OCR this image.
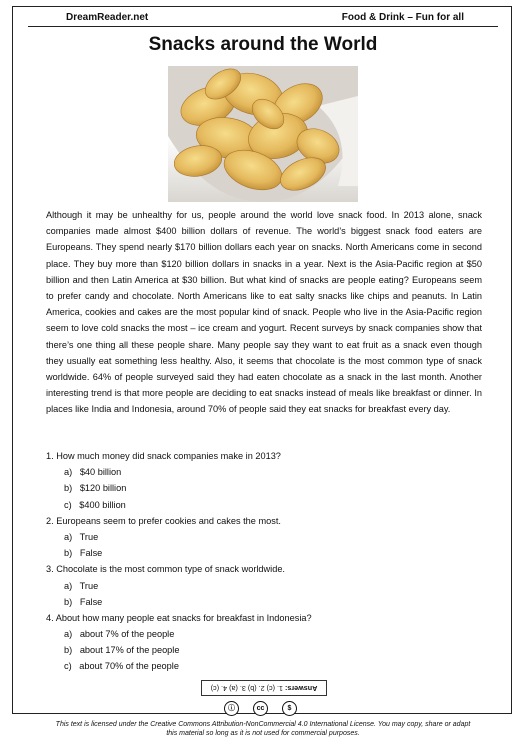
DreamReader.net	Food & Drink – Fun for all
Snacks around the World

Although it may be unhealthy for us, people around the world love snack food. In 2013 alone, snack companies made almost $400 billion dollars of revenue. The world’s biggest snack food eaters are Europeans. They spend nearly $170 billion dollars each year on snacks. North Americans come in second place. They buy more than $120 billion dollars in snacks in a year. Next is the Asia-Pacific region at $50 billion and then Latin America at $30 billion. But what kind of snacks are people eating? Europeans seem to prefer candy and chocolate. North Americans like to eat salty snacks like chips and peanuts. In Latin America, cookies and cakes are the most popular kind of snack. People who live in the Asia-Pacific region seem to love cold snacks the most – ice cream and yogurt. Recent surveys by snack companies show that there’s one thing all these people share. Many people say they want to eat fruit as a snack even though they usually eat something less healthy. Also, it seems that chocolate is the most common type of snack worldwide. 64% of people surveyed said they had eaten chocolate as a snack in the last month. Another interesting trend is that more people are deciding to eat snacks instead of meals like breakfast or dinner. In places like India and Indonesia, around 70% of people said they eat snacks for breakfast every day.

1. How much money did snack companies make in 2013?
a)   $40 billion
b)   $120 billion
c)   $400 billion
2. Europeans seem to prefer cookies and cakes the most.
a)   True
b)   False
3. Chocolate is the most common type of snack worldwide.
a)   True
b)   False
4. About how many people eat snacks for breakfast in Indonesia?
a)   about 7% of the people
b)   about 17% of the people
c)   about 70% of the people
Answers: 1. (c) 2. (b) 3. (a) 4. (c)
ⓘ	cc	$
This text is licensed under the Creative Commons Attribution-NonCommercial 4.0 International License. You may copy, share or adapt
this material so long as it is not used for commercial purposes.
